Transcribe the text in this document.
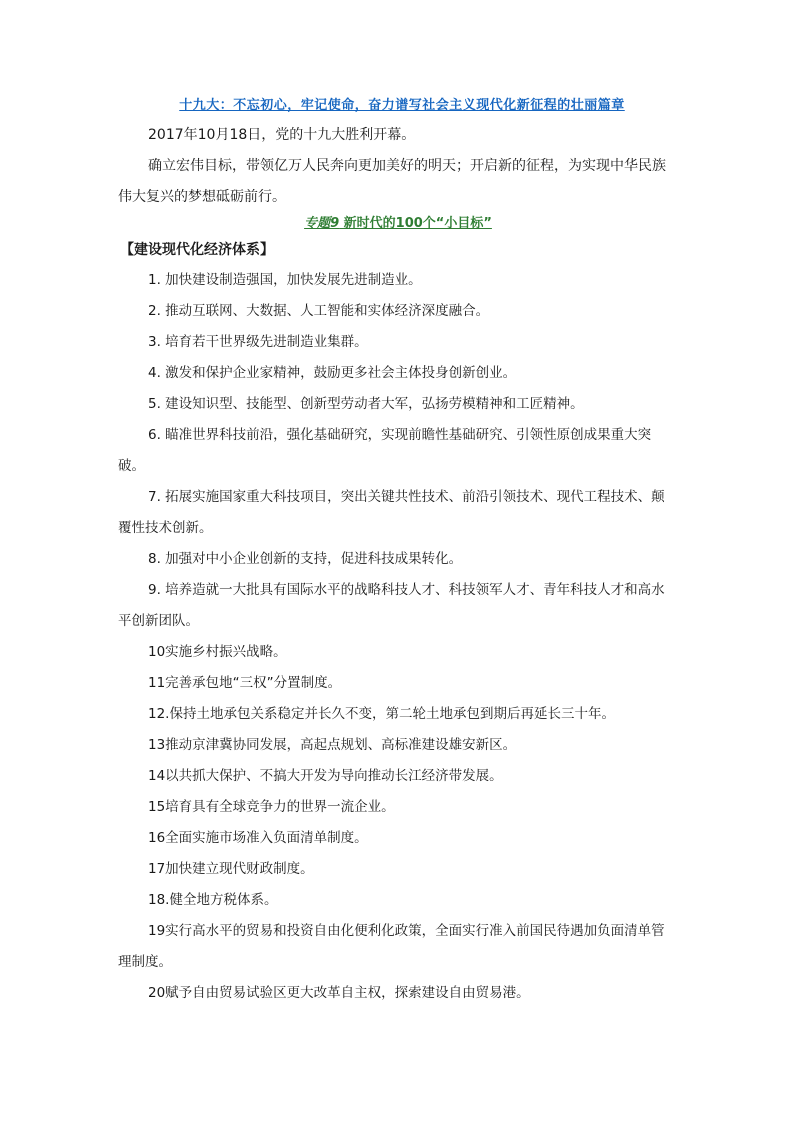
十九大：不忘初心，牢记使命，奋力谱写社会主义现代化新征程的壮丽篇章

2017年10月18日，党的十九大胜利开幕。

确立宏伟目标，带领亿万人民奔向更加美好的明天；开启新的征程，为实现中华民族伟大复兴的梦想砥砺前行。

专题9 新时代的100个“小目标”
【建设现代化经济体系】

1. 加快建设制造强国，加快发展先进制造业。

2. 推动互联网、大数据、人工智能和实体经济深度融合。

3. 培育若干世界级先进制造业集群。

4. 激发和保护企业家精神，鼓励更多社会主体投身创新创业。

5. 建设知识型、技能型、创新型劳动者大军，弘扬劳模精神和工匠精神。

6. 瞄准世界科技前沿，强化基础研究，实现前瞻性基础研究、引领性原创成果重大突破。

7. 拓展实施国家重大科技项目，突出关键共性技术、前沿引领技术、现代工程技术、颠覆性技术创新。

8. 加强对中小企业创新的支持，促进科技成果转化。

9. 培养造就一大批具有国际水平的战略科技人才、科技领军人才、青年科技人才和高水平创新团队。

10实施乡村振兴战略。

11完善承包地“三权”分置制度。

12.保持土地承包关系稳定并长久不变，第二轮土地承包到期后再延长三十年。

13推动京津冀协同发展，高起点规划、高标准建设雄安新区。

14以共抓大保护、不搞大开发为导向推动长江经济带发展。

15培育具有全球竞争力的世界一流企业。

16全面实施市场准入负面清单制度。

17加快建立现代财政制度。

18.健全地方税体系。

19实行高水平的贸易和投资自由化便利化政策，全面实行准入前国民待遇加负面清单管理制度。

20赋予自由贸易试验区更大改革自主权，探索建设自由贸易港。
